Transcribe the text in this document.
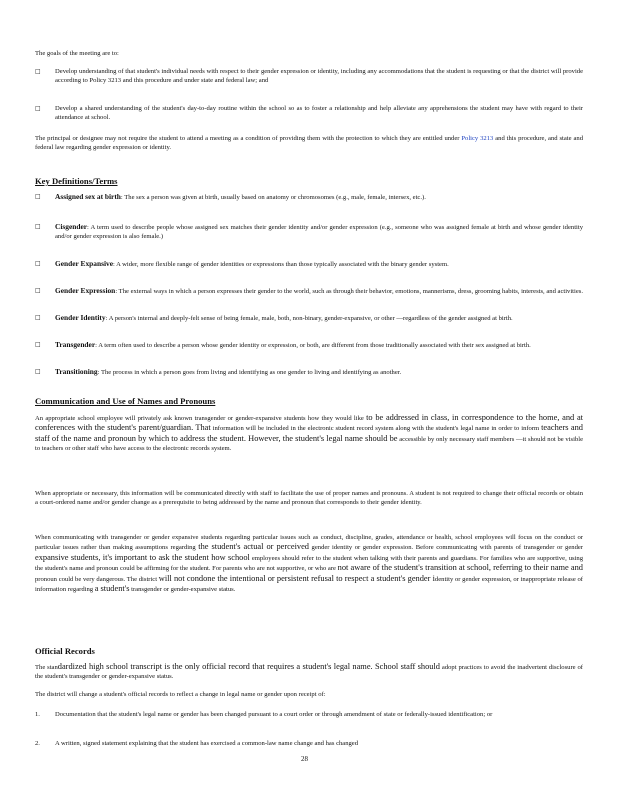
The goals of the meeting are to:

□ Develop understanding of that student's individual needs with respect to their gender expression or identity, including any accommodations that the student is requesting or that the district will provide according to Policy 3213 and this procedure and under state and federal law; and
□ Develop a shared understanding of the student's day-to-day routine within the school so as to foster a relationship and help alleviate any apprehensions the student may have with regard to their attendance at school.

The principal or designee may not require the student to attend a meeting as a condition of providing them with the protection to which they are entitled under Policy 3213 and this procedure, and state and federal law regarding gender expression or identity.

Key Definitions/Terms

□ Assigned sex at birth: The sex a person was given at birth, usually based on anatomy or chromosomes (e.g., male, female, intersex, etc.).
□ Cisgender: A term used to describe people whose assigned sex matches their gender identity and/or gender expression (e.g., someone who was assigned female at birth and whose gender identity and/or gender expression is also female.)
□ Gender Expansive: A wider, more flexible range of gender identities or expressions than those typically associated with the binary gender system.
□ Gender Expression: The external ways in which a person expresses their gender to the world, such as through their behavior, emotions, mannerisms, dress, grooming habits, interests, and activities.
□ Gender Identity: A person's internal and deeply-felt sense of being female, male, both, non-binary, gender-expansive, or other —regardless of the gender assigned at birth.
□ Transgender: A term often used to describe a person whose gender identity or expression, or both, are different from those traditionally associated with their sex assigned at birth.
□ Transitioning: The process in which a person goes from living and identifying as one gender to living and identifying as another.

Communication and Use of Names and Pronouns

An appropriate school employee will privately ask known transgender or gender-expansive students how they would like to be addressed in class, in correspondence to the home, and at conferences with the student's parent/guardian. That information will be included in the electronic student record system along with the student's legal name in order to inform teachers and staff of the name and pronoun by which to address the student. However, the student's legal name should be accessible by only necessary staff members —it should not be visible to teachers or other staff who have access to the electronic records system.

When appropriate or necessary, this information will be communicated directly with staff to facilitate the use of proper names and pronouns. A student is not required to change their official records or obtain a court-ordered name and/or gender change as a prerequisite to being addressed by the name and pronoun that corresponds to their gender identity.

When communicating with transgender or gender expansive students regarding particular issues such as conduct, discipline, grades, attendance or health, school employees will focus on the conduct or particular issues rather than making assumptions regarding the student's actual or perceived gender identity or gender expression. Before communicating with parents of transgender or gender expansive students, it's important to ask the student how school employees should refer to the student when talking with their parents and guardians. For families who are supportive, using the student's name and pronoun could be affirming for the student. For parents who are not supportive, or who are not aware of the student's transition at school, referring to their name and pronoun could be very dangerous. The district will not condone the intentional or persistent refusal to respect a student's gender identity or gender expression, or inappropriate release of information regarding a student's transgender or gender-expansive status.

Official Records

The standardized high school transcript is the only official record that requires a student's legal name. School staff should adopt practices to avoid the inadvertent disclosure of the student's transgender or gender-expansive status.

The district will change a student's official records to reflect a change in legal name or gender upon receipt of:

1. Documentation that the student's legal name or gender has been changed pursuant to a court order or through amendment of state or federally-issued identification; or
2. A written, signed statement explaining that the student has exercised a common-law name change and has changed
28
